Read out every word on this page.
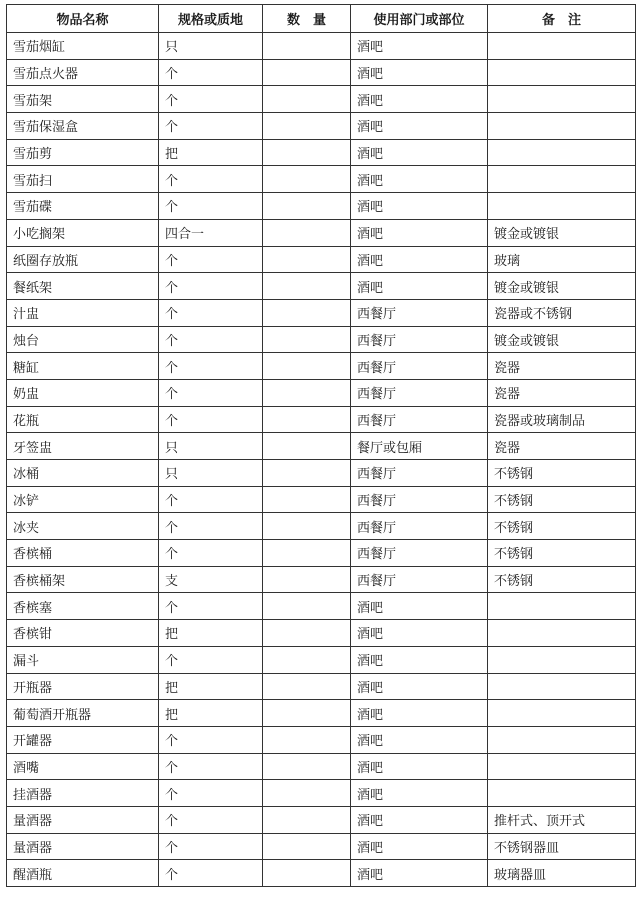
物品名称	规格或质地	数　量	使用部门或部位	备　注
雪茄烟缸	只		酒吧	
雪茄点火器	个		酒吧	
雪茄架	个		酒吧	
雪茄保湿盒	个		酒吧	
雪茄剪	把		酒吧	
雪茄扫	个		酒吧	
雪茄碟	个		酒吧	
小吃搁架	四合一		酒吧	镀金或镀银
纸圈存放瓶	个		酒吧	玻璃
餐纸架	个		酒吧	镀金或镀银
汁盅	个		西餐厅	瓷器或不锈钢
烛台	个		西餐厅	镀金或镀银
糖缸	个		西餐厅	瓷器
奶盅	个		西餐厅	瓷器
花瓶	个		西餐厅	瓷器或玻璃制品
牙签盅	只		餐厅或包厢	瓷器
冰桶	只		西餐厅	不锈钢
冰铲	个		西餐厅	不锈钢
冰夹	个		西餐厅	不锈钢
香槟桶	个		西餐厅	不锈钢
香槟桶架	支		西餐厅	不锈钢
香槟塞	个		酒吧	
香槟钳	把		酒吧	
漏斗	个		酒吧	
开瓶器	把		酒吧	
葡萄酒开瓶器	把		酒吧	
开罐器	个		酒吧	
酒嘴	个		酒吧	
挂酒器	个		酒吧	
量酒器	个		酒吧	推杆式、顶开式
量酒器	个		酒吧	不锈钢器皿
醒酒瓶	个		酒吧	玻璃器皿
